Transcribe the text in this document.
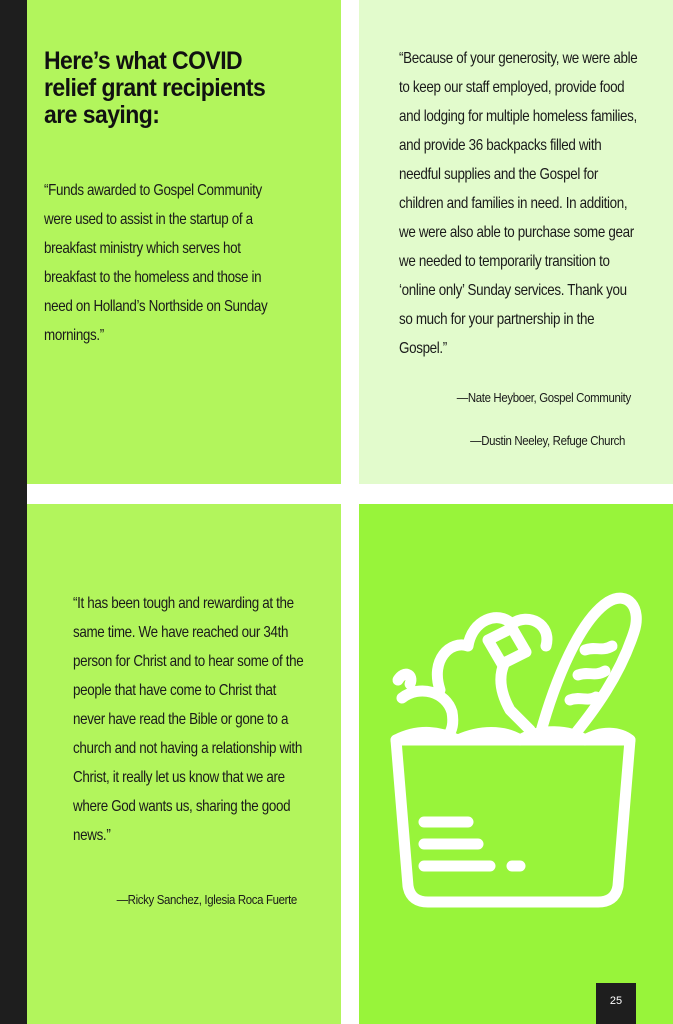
Here’s what COVID relief grant recipients are saying:

“Funds awarded to Gospel Community were used to assist in the startup of a breakfast ministry which serves hot breakfast to the homeless and those in need on Holland’s Northside on Sunday mornings.”

—Nate Heyboer, Gospel Community

“Because of your generosity, we were able to keep our staff employed, provide food and lodging for multiple homeless families, and provide 36 backpacks filled with needful supplies and the Gospel for children and families in need. In addition, we were also able to purchase some gear we needed to temporarily transition to ‘online only’ Sunday services. Thank you so much for your partnership in the Gospel.”

—Dustin Neeley, Refuge Church

“It has been tough and rewarding at the same time. We have reached our 34th person for Christ and to hear some of the people that have come to Christ that never have read the Bible or gone to a church and not having a relationship with Christ, it really let us know that we are where God wants us, sharing the good news.”

—Ricky Sanchez, Iglesia Roca Fuerte

25
